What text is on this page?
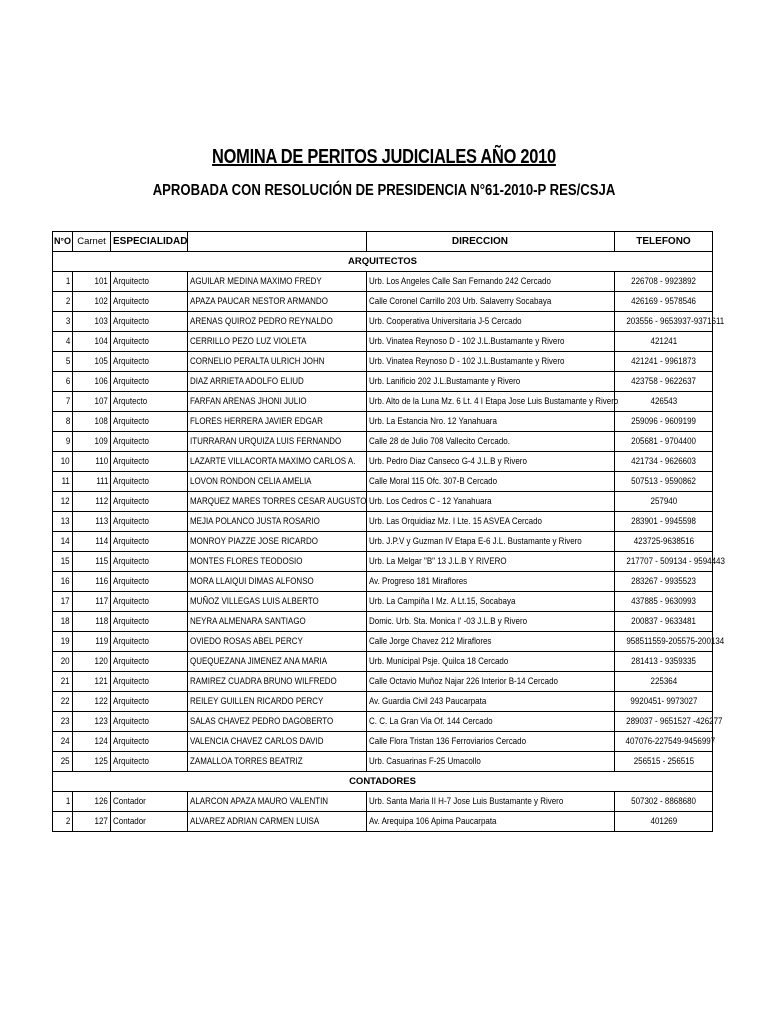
NOMINA DE PERITOS JUDICIALES AÑO 2010
APROBADA CON RESOLUCIÓN DE PRESIDENCIA N°61-2010-P RES/CSJA
N°O	Carnet	ESPECIALIDAD		DIRECCION	TELEFONO
ARQUITECTOS					
1	101	Arquitecto	AGUILAR MEDINA MAXIMO FREDY	Urb. Los Angeles Calle San Fernando 242 Cercado	226708 - 9923892
2	102	Arquitecto	APAZA PAUCAR NESTOR ARMANDO	Calle Coronel Carrillo 203 Urb. Salaverry Socabaya	426169 - 9578546
3	103	Arquitecto	ARENAS QUIROZ PEDRO REYNALDO	Urb. Cooperativa Universitaria J-5 Cercado	203556 - 9653937-9371611
4	104	Arquitecto	CERRILLO PEZO LUZ VIOLETA	Urb. Vinatea Reynoso D - 102 J.L.Bustamante y Rivero	421241
5	105	Arquitecto	CORNELIO PERALTA ULRICH JOHN	Urb. Vinatea Reynoso D - 102 J.L.Bustamante y Rivero	421241 - 9961873
6	106	Arquitecto	DIAZ ARRIETA ADOLFO ELIUD	Urb. Lanificio 202 J.L.Bustamante y Rivero	423758 - 9622637
7	107	Arqutecto	FARFAN ARENAS JHONI JULIO	Urb. Alto de la Luna Mz. 6 Lt. 4 I Etapa Jose Luis Bustamante y Rivero	426543
8	108	Arquitecto	FLORES HERRERA JAVIER EDGAR	Urb. La Estancia Nro. 12 Yanahuara	259096 - 9609199
9	109	Arquitecto	ITURRARAN URQUIZA LUIS FERNANDO	Calle 28 de Julio 708 Vallecito Cercado.	205681 - 9704400
10	110	Arquitecto	LAZARTE VILLACORTA MAXIMO CARLOS A.	Urb. Pedro Diaz Canseco G-4 J.L.B y Rivero	421734 - 9626603
11	111	Arquitecto	LOVON RONDON CELIA AMELIA	Calle Moral 115 Ofc. 307-B Cercado	507513 - 9590862
12	112	Arquitecto	MARQUEZ MARES TORRES CESAR AUGUSTO	Urb. Los Cedros C - 12 Yanahuara	257940
13	113	Arquitecto	MEJIA POLANCO JUSTA ROSARIO	Urb. Las Orquidiaz Mz. I Lte. 15 ASVEA Cercado	283901 - 9945598
14	114	Arquitecto	MONROY PIAZZE JOSE RICARDO	Urb. J.P.V y Guzman IV Etapa E-6 J.L. Bustamante y Rivero	423725-9638516
15	115	Arquitecto	MONTES FLORES TEODOSIO	Urb. La Melgar "B" 13 J.L.B Y RIVERO	217707 - 509134 - 9594443
16	116	Arquitecto	MORA LLAIQUI DIMAS ALFONSO	Av. Progreso 181 Miraflores	283267 - 9935523
17	117	Arquitecto	MUÑOZ VILLEGAS LUIS ALBERTO	Urb. La Campiña I Mz. A Lt.15, Socabaya	437885 - 9630993
18	118	Arquitecto	NEYRA ALMENARA SANTIAGO	Domic. Urb. Sta. Monica I' -03 J.L.B y Rivero	200837 - 9633481
19	119	Arquitecto	OVIEDO ROSAS ABEL PERCY	Calle Jorge Chavez 212 Miraflores	958511559-205575-200134
20	120	Arquitecto	QUEQUEZANA JIMENEZ ANA MARIA	Urb. Municipal Psje. Quilca 18 Cercado	281413 - 9359335
21	121	Arquitecto	RAMIREZ CUADRA BRUNO WILFREDO	Calle Octavio Muñoz Najar 226 Interior B-14 Cercado	225364
22	122	Arquitecto	REILEY GUILLEN RICARDO PERCY	Av. Guardia Civil 243 Paucarpata	9920451- 9973027
23	123	Arquitecto	SALAS CHAVEZ PEDRO DAGOBERTO	C. C. La Gran Via Of. 144 Cercado	289037 - 9651527 -426277
24	124	Arquitecto	VALENCIA CHAVEZ CARLOS DAVID	Calle Flora Tristan 136 Ferroviarios Cercado	407076-227549-9456997
25	125	Arquitecto	ZAMALLOA TORRES BEATRIZ	Urb. Casuarinas F-25 Umacollo	256515 - 256515
CONTADORES					
1	126	Contador	ALARCON APAZA MAURO VALENTIN	Urb. Santa Maria II H-7 Jose Luis Bustamante y Rivero	507302 - 8868680
2	127	Contador	ALVAREZ ADRIAN CARMEN LUISA	Av. Arequipa 106 Apima Paucarpata	401269
